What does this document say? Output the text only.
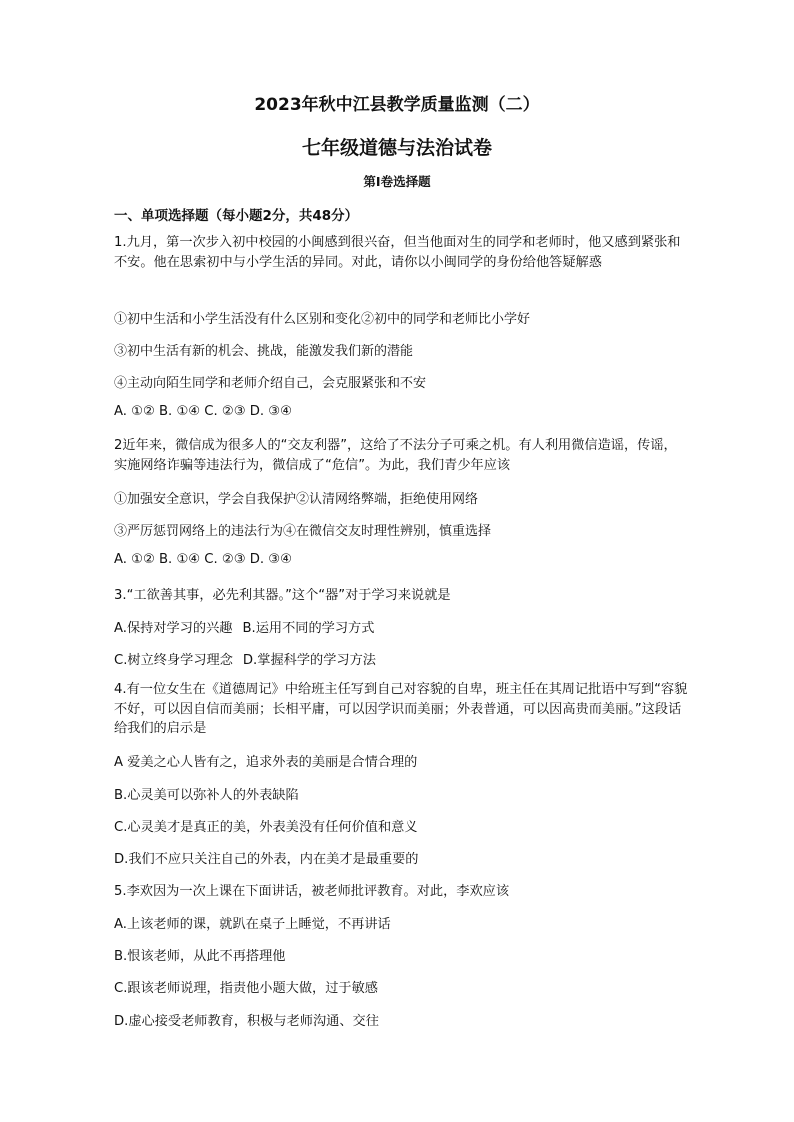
2023年秋中江县教学质量监测（二）
七年级道德与法治试卷
第Ⅰ卷选择题
一、单项选择题（每小题2分，共48分）
1.九月，第一次步入初中校园的小闽感到很兴奋，但当他面对生的同学和老师时，他又感到紧张和不安。他在思索初中与小学生活的异同。对此，请你以小闽同学的身份给他答疑解惑
①初中生活和小学生活没有什么区别和变化②初中的同学和老师比小学好
③初中生活有新的机会、挑战，能激发我们新的潜能
④主动向陌生同学和老师介绍自己，会克服紧张和不安
A. ①② B. ①④ C. ②③ D. ③④
2近年来，微信成为很多人的“交友利器”，这给了不法分子可乘之机。有人利用微信造谣，传谣，实施网络诈骗等违法行为，微信成了“危信”。为此，我们青少年应该
①加强安全意识，学会自我保护②认清网络弊端，拒绝使用网络
③严厉惩罚网络上的违法行为④在微信交友时理性辨别，慎重选择
A. ①② B. ①④ C. ②③ D. ③④
3.“工欲善其事，必先利其器。”这个“器”对于学习来说就是
A.保持对学习的兴趣 B.运用不同的学习方式
C.树立终身学习理念 D.掌握科学的学习方法
4.有一位女生在《道德周记》中给班主任写到自己对容貌的自卑，班主任在其周记批语中写到“容貌不好，可以因自信而美丽；长相平庸，可以因学识而美丽；外表普通，可以因高贵而美丽。”这段话给我们的启示是
A 爱美之心人皆有之，追求外表的美丽是合情合理的
B.心灵美可以弥补人的外表缺陷
C.心灵美才是真正的美，外表美没有任何价值和意义
D.我们不应只关注自己的外表，内在美才是最重要的
5.李欢因为一次上课在下面讲话，被老师批评教育。对此，李欢应该
A.上该老师的课，就趴在桌子上睡觉，不再讲话
B.恨该老师，从此不再搭理他
C.跟该老师说理，指责他小题大做，过于敏感
D.虚心接受老师教育，积极与老师沟通、交往
